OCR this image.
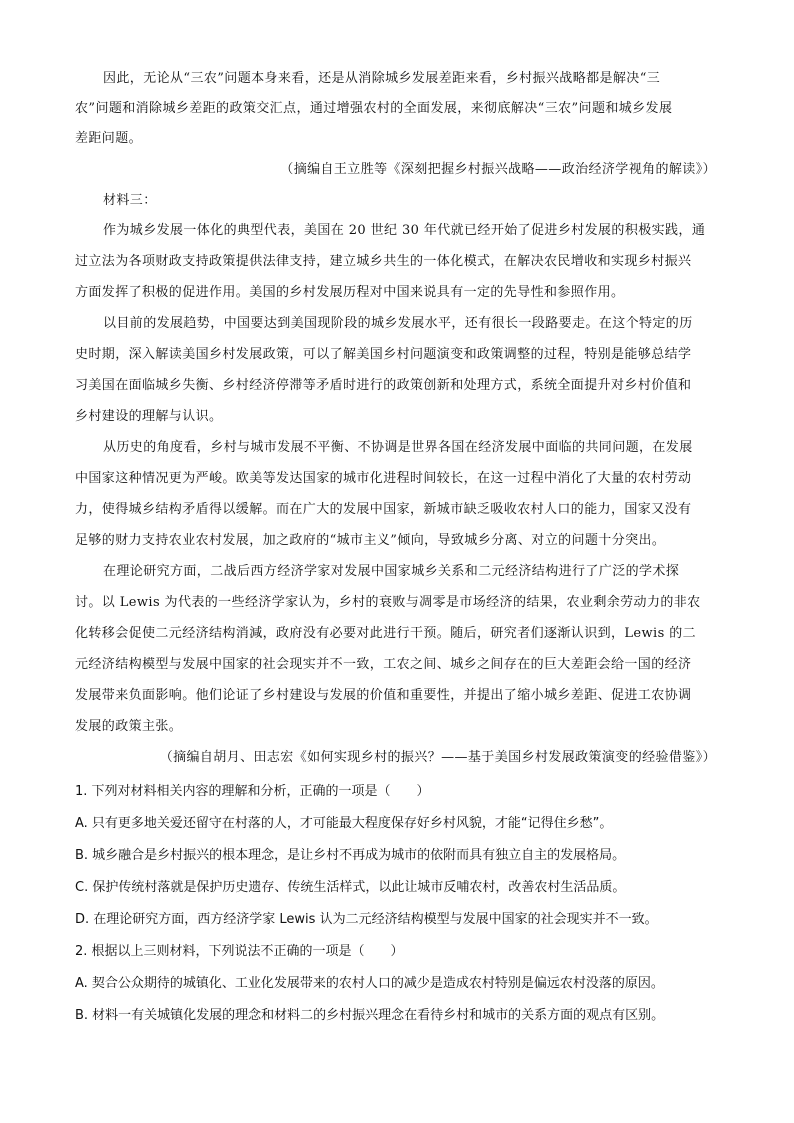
因此，无论从“三农”问题本身来看，还是从消除城乡发展差距来看，乡村振兴战略都是解决“三
农”问题和消除城乡差距的政策交汇点，通过增强农村的全面发展，来彻底解决“三农”问题和城乡发展
差距问题。
（摘编自王立胜等《深刻把握乡村振兴战略——政治经济学视角的解读》）
材料三：
作为城乡发展一体化的典型代表，美国在 20 世纪 30 年代就已经开始了促进乡村发展的积极实践，通
过立法为各项财政支持政策提供法律支持，建立城乡共生的一体化模式，在解决农民增收和实现乡村振兴
方面发挥了积极的促进作用。美国的乡村发展历程对中国来说具有一定的先导性和参照作用。
以目前的发展趋势，中国要达到美国现阶段的城乡发展水平，还有很长一段路要走。在这个特定的历
史时期，深入解读美国乡村发展政策，可以了解美国乡村问题演变和政策调整的过程，特别是能够总结学
习美国在面临城乡失衡、乡村经济停滞等矛盾时进行的政策创新和处理方式，系统全面提升对乡村价值和
乡村建设的理解与认识。
从历史的角度看，乡村与城市发展不平衡、不协调是世界各国在经济发展中面临的共同问题，在发展
中国家这种情况更为严峻。欧美等发达国家的城市化进程时间较长，在这一过程中消化了大量的农村劳动
力，使得城乡结构矛盾得以缓解。而在广大的发展中国家，新城市缺乏吸收农村人口的能力，国家又没有
足够的财力支持农业农村发展，加之政府的“城市主义”倾向，导致城乡分离、对立的问题十分突出。
在理论研究方面，二战后西方经济学家对发展中国家城乡关系和二元经济结构进行了广泛的学术探
讨。以 Lewis 为代表的一些经济学家认为，乡村的衰败与凋零是市场经济的结果，农业剩余劳动力的非农
化转移会促使二元经济结构消減，政府没有必要对此进行干预。随后，研究者们逐渐认识到，Lewis 的二
元经济结构模型与发展中国家的社会现实并不一致，工农之间、城乡之间存在的巨大差距会给一国的经济
发展带来负面影响。他们论证了乡村建设与发展的价值和重要性，并提出了缩小城乡差距、促进工农协调
发展的政策主张。
（摘编自胡月、田志宏《如何实现乡村的振兴？——基于美国乡村发展政策演变的经验借鉴》）
1. 下列对材料相关内容的理解和分析，正确的一项是（　　）
A. 只有更多地关爱还留守在村落的人，才可能最大程度保存好乡村风貌，才能“记得住乡愁”。
B. 城乡融合是乡村振兴的根本理念，是让乡村不再成为城市的依附而具有独立自主的发展格局。
C. 保护传统村落就是保护历史遗存、传统生活样式，以此让城市反哺农村，改善农村生活品质。
D. 在理论研究方面，西方经济学家 Lewis 认为二元经济结构模型与发展中国家的社会现实并不一致。
2. 根据以上三则材料，下列说法不正确的一项是（　　）
A. 契合公众期待的城镇化、工业化发展带来的农村人口的减少是造成农村特别是偏远农村没落的原因。
B. 材料一有关城镇化发展的理念和材料二的乡村振兴理念在看待乡村和城市的关系方面的观点有区别。
